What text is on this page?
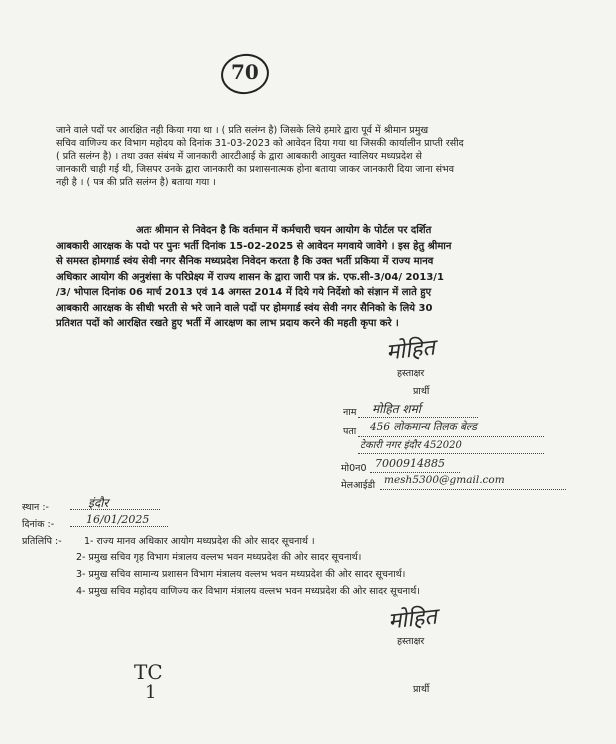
70
जाने वाले पदों पर आरक्षित नही किया गया था । ( प्रति सलंग्न है) जिसके लिये हमारे द्वारा पूर्व में श्रीमान प्रमुख
सचिव वाणिज्य कर विभाग महोदय को दिनांक 31-03-2023 को आवेदन दिया गया था जिसकी कार्यालीन प्राप्ती रसीद
( प्रति सलंग्न है) । तथा उक्त संबंध में जानकारी आरटीआई के द्वारा आबकारी आयुक्त ग्वालियर मध्यप्रदेश से
जानकारी चाही गई थी, जिसपर उनके द्वारा जानकारी का प्रशासनात्मक होना बताया जाकर जानकारी दिया जाना संभव
नही है । ( पत्र की प्रति सलंग्न है) बताया गया ।
अतः श्रीमान से निवेदन है कि वर्तमान में कर्मचारी चयन आयोग के पोर्टल पर दर्शित
आबकारी आरक्षक के पदो पर पुनः भर्ती दिनांक 15-02-2025 से आवेदन मगवाये जावेगे । इस हेतु श्रीमान
से समस्त होमगार्ड स्वंय सेवी नगर सैनिक मध्यप्रदेश निवेदन करता है कि उक्त भर्ती प्रकिया में राज्य मानव
अधिकार आयोग की अनुशंसा के परिप्रेक्ष्य में राज्य शासन के द्वारा जारी पत्र क्रं. एफ.सी-3/04/ 2013/1
/3/ भोपाल दिनांक 06 मार्च 2013 एवं 14 अगस्त 2014 में दिये गये निर्देशो को संज्ञान में लाते हुए
आबकारी आरक्षक के सीधी भरती से भरे जाने वाले पदों पर होमगार्ड स्वंय सेवी नगर सैनिको के लिये 30
प्रतिशत पदों को आरक्षित रखते हुए भर्ती में आरक्षण का लाभ प्रदाय करने की महती कृपा करे ।
मोहित
हस्ताक्षर
प्रार्थी
नाम मोहित शर्मा
पता 456 लोकमान्य तिलक बेल्ड
टेकारी नगर इंदौर 452020
मो0न0 7000914885
मेलआईडी mesh5300@gmail.com
स्थान :-	इंदौर
दिनांक :-	16/01/2025
प्रतिलिपि :- 1- राज्य मानव अधिकार आयोग मध्यप्रदेश की ओर सादर सूचनार्थ ।
2- प्रमुख सचिव गृह विभाग मंत्रालय वल्लभ भवन मध्यप्रदेश की ओर सादर सूचनार्थ।
3- प्रमुख सचिव सामान्य प्रशासन विभाग मंत्रालय वल्लभ भवन मध्यप्रदेश की ओर सादर सूचनार्थ।
4- प्रमुख सचिव महोदय वाणिज्य कर विभाग मंत्रालय वल्लभ भवन मध्यप्रदेश की ओर सादर सूचनार्थ।
मोहित
हस्ताक्षर
प्रार्थी
TC
1
